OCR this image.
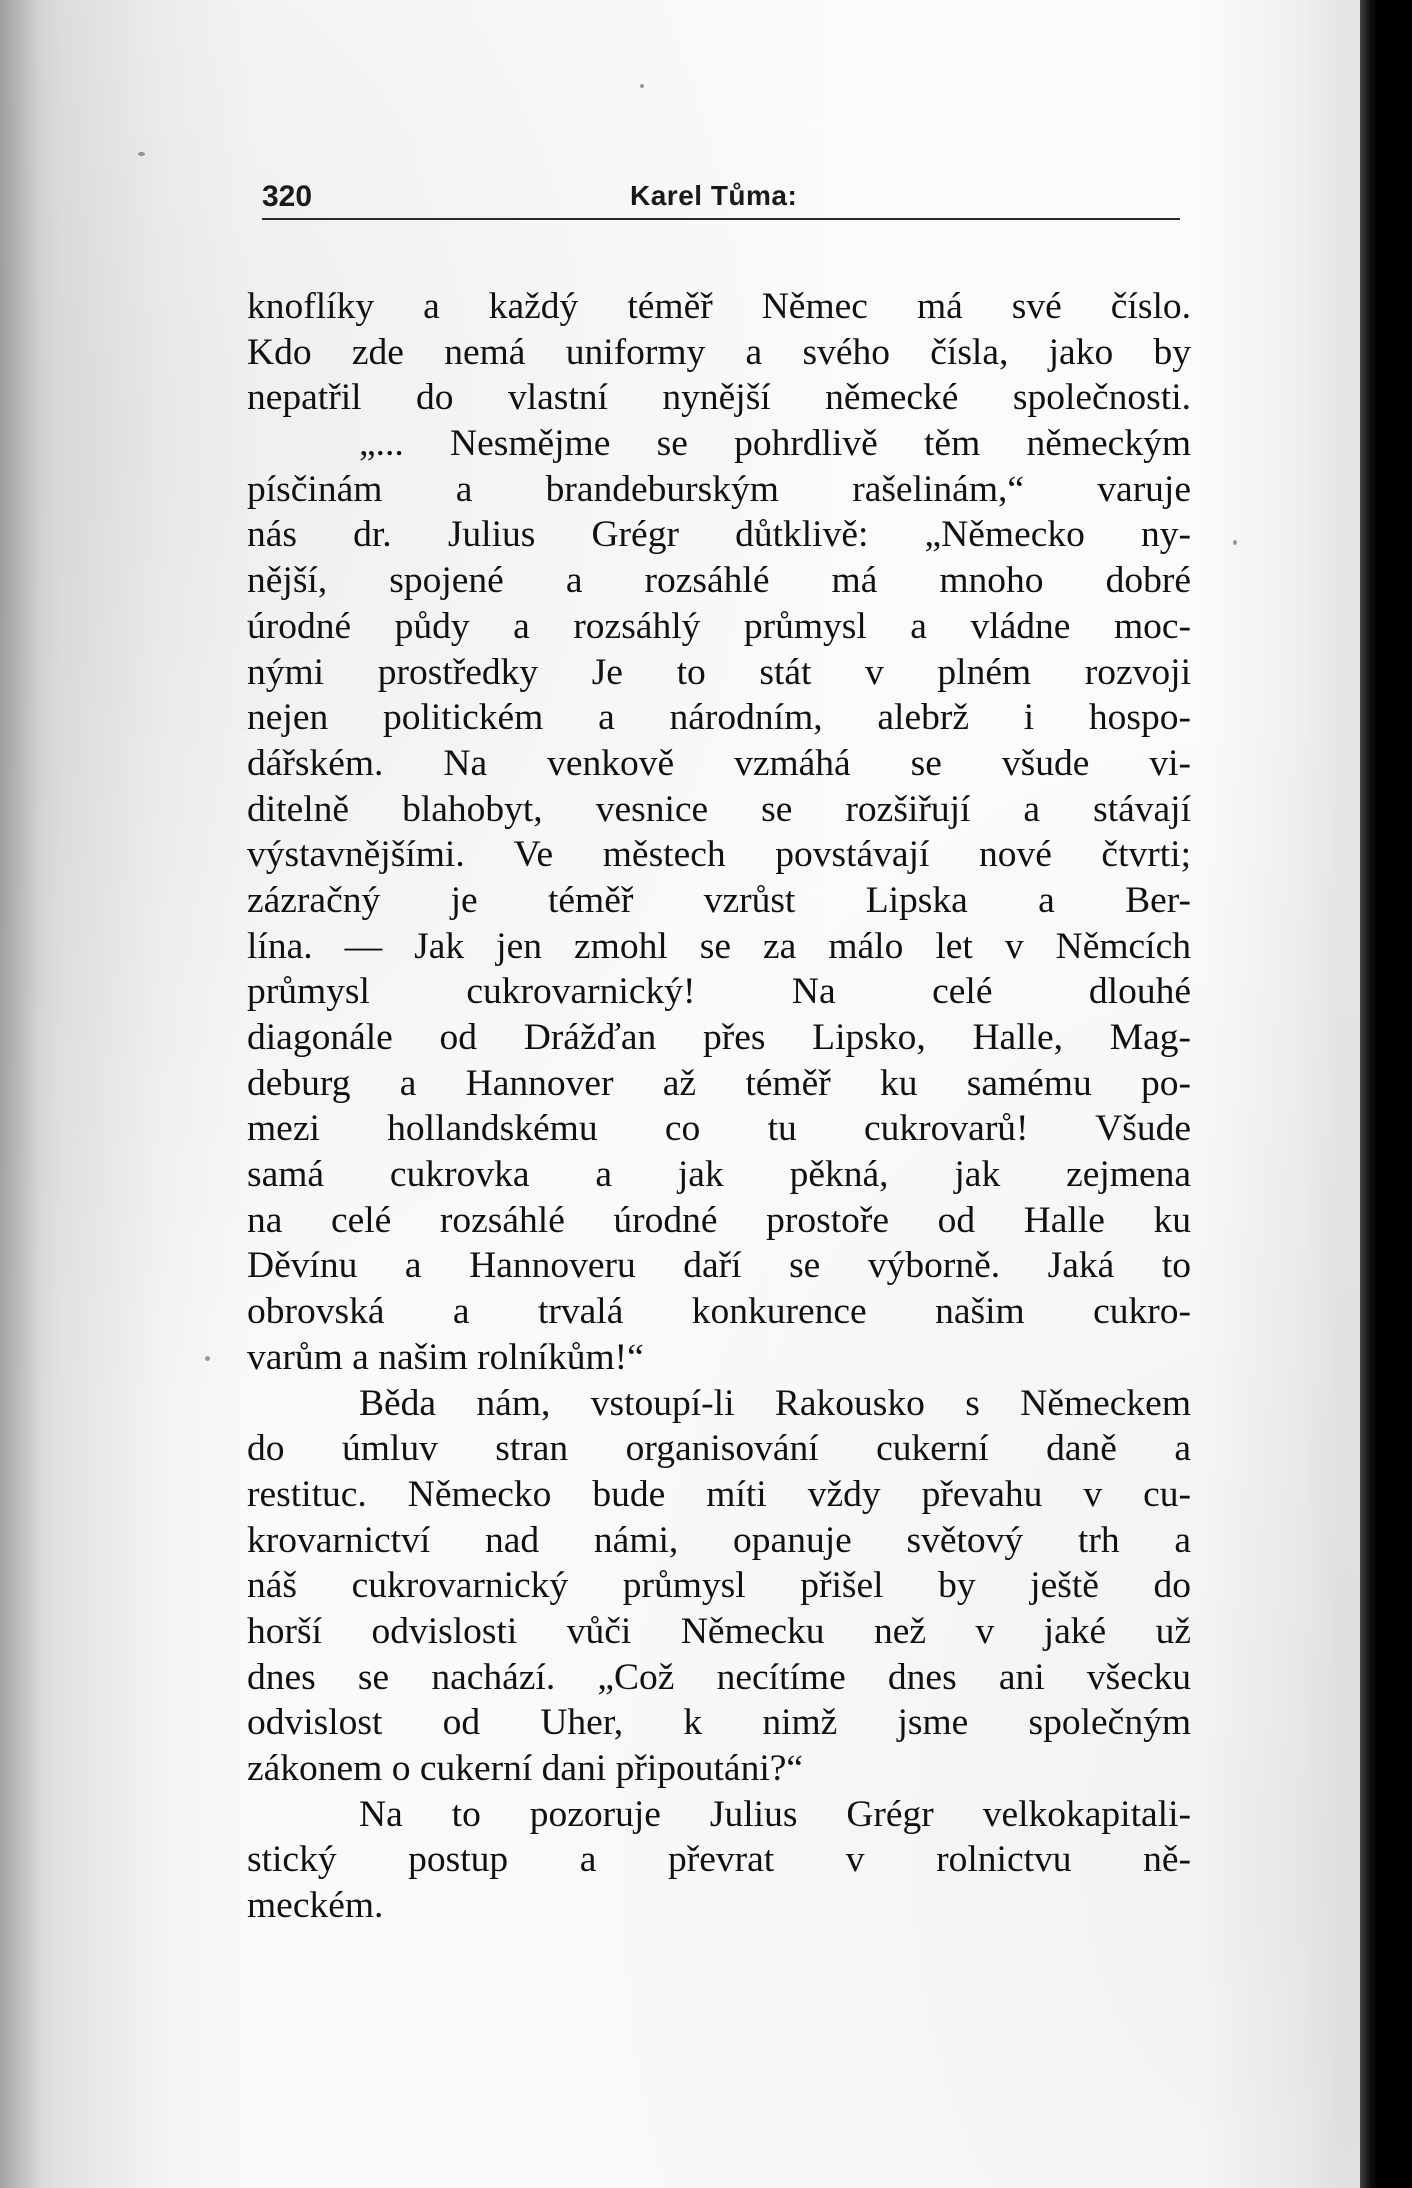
320	Karel Tůma:
knoflíky a každý téměř Němec má své číslo.
Kdo zde nemá uniformy a svého čísla, jako by
nepatřil do vlastní nynější německé společnosti.
„... Nesmějme se pohrdlivě těm německým
písčinám a brandeburským rašelinám,“ varuje
nás dr. Julius Grégr důtklivě: „Německo ny-
nější, spojené a rozsáhlé má mnoho dobré
úrodné půdy a rozsáhlý průmysl a vládne moc-
nými prostředky Je to stát v plném rozvoji
nejen politickém a národním, alebrž i hospo-
dářském. Na venkově vzmáhá se všude vi-
ditelně blahobyt, vesnice se rozšiřují a stávají
výstavnějšími. Ve městech povstávají nové čtvrti;
zázračný je téměř vzrůst Lipska a Ber-
lína. — Jak jen zmohl se za málo let v Němcích
průmysl cukrovarnický! Na celé dlouhé
diagonále od Drážďan přes Lipsko, Halle, Mag-
deburg a Hannover až téměř ku samému po-
mezi hollandskému co tu cukrovarů! Všude
samá cukrovka a jak pěkná, jak zejmena
na celé rozsáhlé úrodné prostoře od Halle ku
Děvínu a Hannoveru daří se výborně. Jaká to
obrovská a trvalá konkurence našim cukro-
varům a našim rolníkům!“
Běda nám, vstoupí-li Rakousko s Německem
do úmluv stran organisování cukerní daně a
restituc. Německo bude míti vždy převahu v cu-
krovarnictví nad námi, opanuje světový trh a
náš cukrovarnický průmysl přišel by ještě do
horší odvislosti vůči Německu než v jaké už
dnes se nachází. „Což necítíme dnes ani všecku
odvislost od Uher, k nimž jsme společným
zákonem o cukerní dani připoutáni?“
Na to pozoruje Julius Grégr velkokapitali-
stický postup a převrat v rolnictvu ně-
meckém.
